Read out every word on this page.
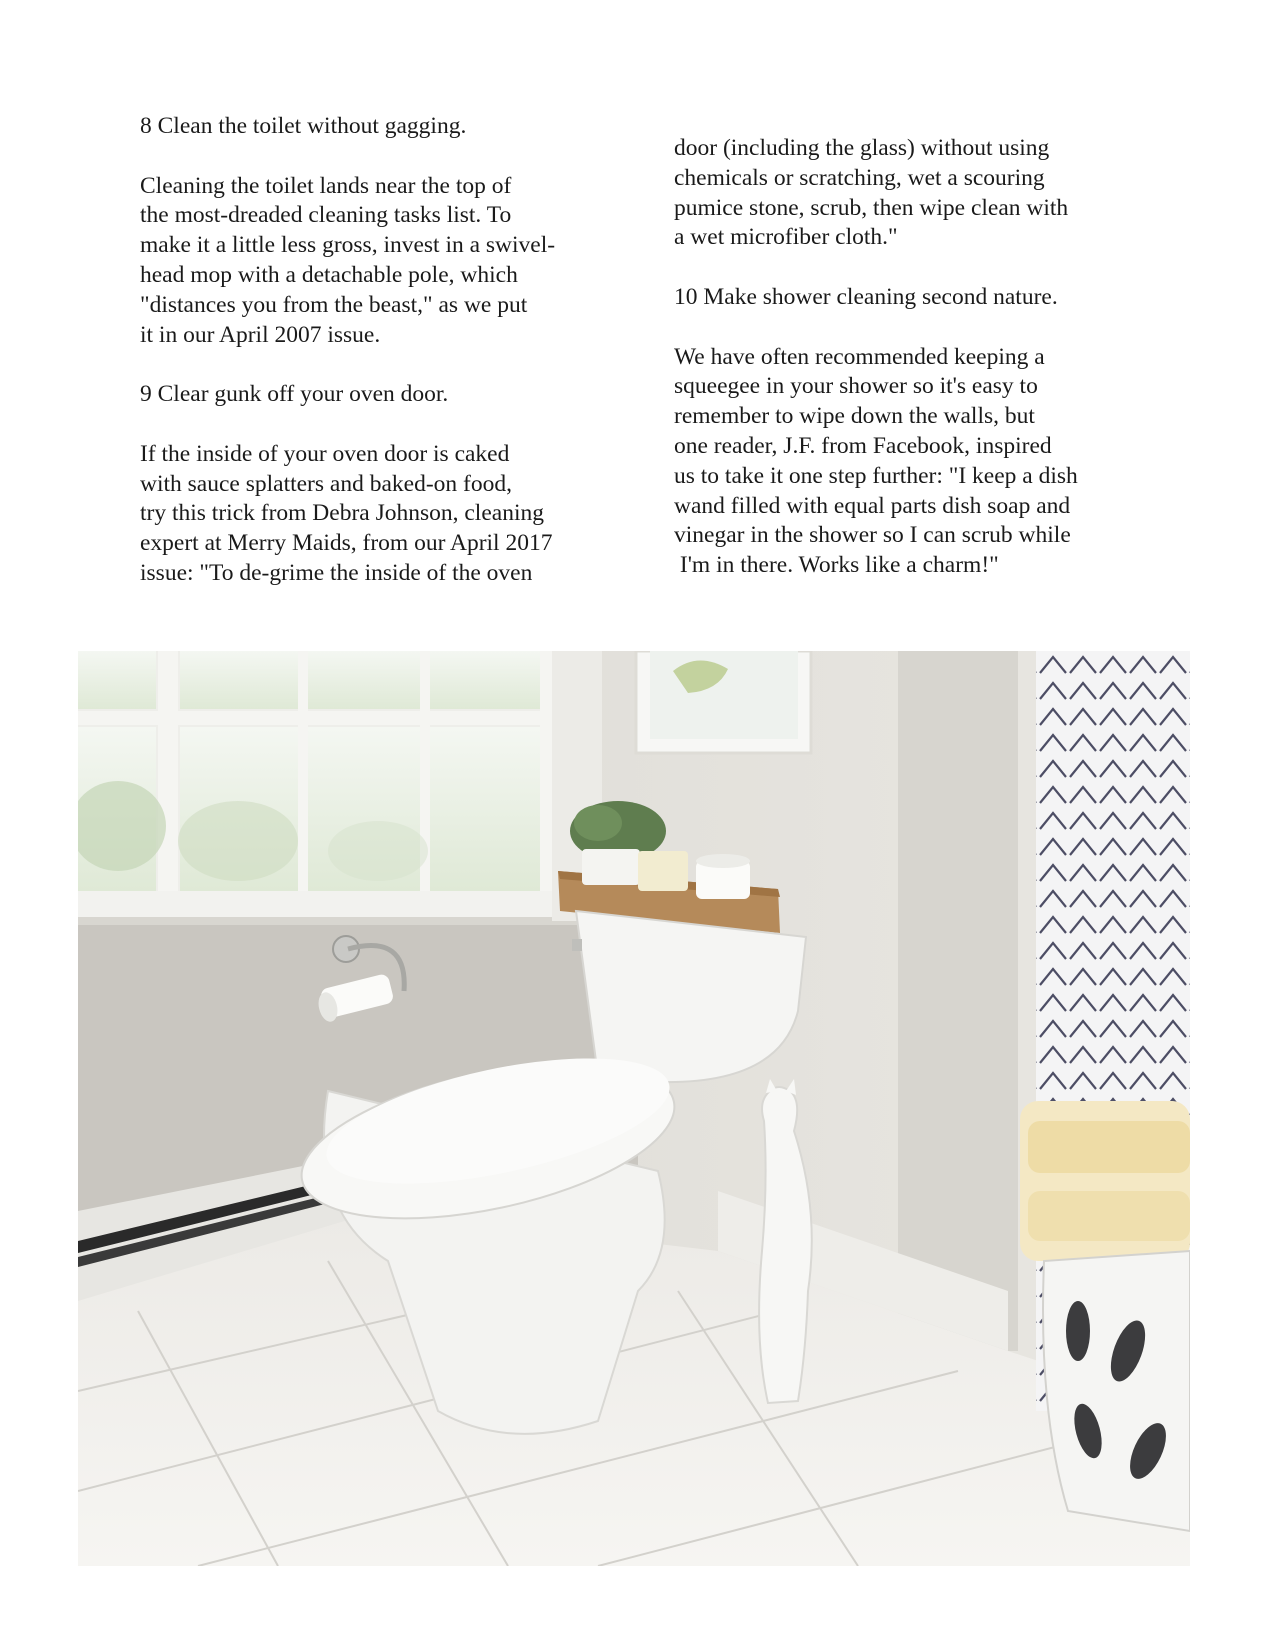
8 Clean the toilet without gagging.
Cleaning the toilet lands near the top of
the most-dreaded cleaning tasks list. To
make it a little less gross, invest in a swivel-
head mop with a detachable pole, which
"distances you from the beast," as we put
it in our April 2007 issue.
9 Clear gunk off your oven door.
If the inside of your oven door is caked
with sauce splatters and baked-on food,
try this trick from Debra Johnson, cleaning
expert at Merry Maids, from our April 2017
issue: "To de-grime the inside of the oven
door (including the glass) without using
chemicals or scratching, wet a scouring
pumice stone, scrub, then wipe clean with
a wet microfiber cloth."
10 Make shower cleaning second nature.
We have often recommended keeping a
squeegee in your shower so it's easy to
remember to wipe down the walls, but
one reader, J.F. from Facebook, inspired
us to take it one step further: "I keep a dish
wand filled with equal parts dish soap and
vinegar in the shower so I can scrub while
I'm in there. Works like a charm!"
